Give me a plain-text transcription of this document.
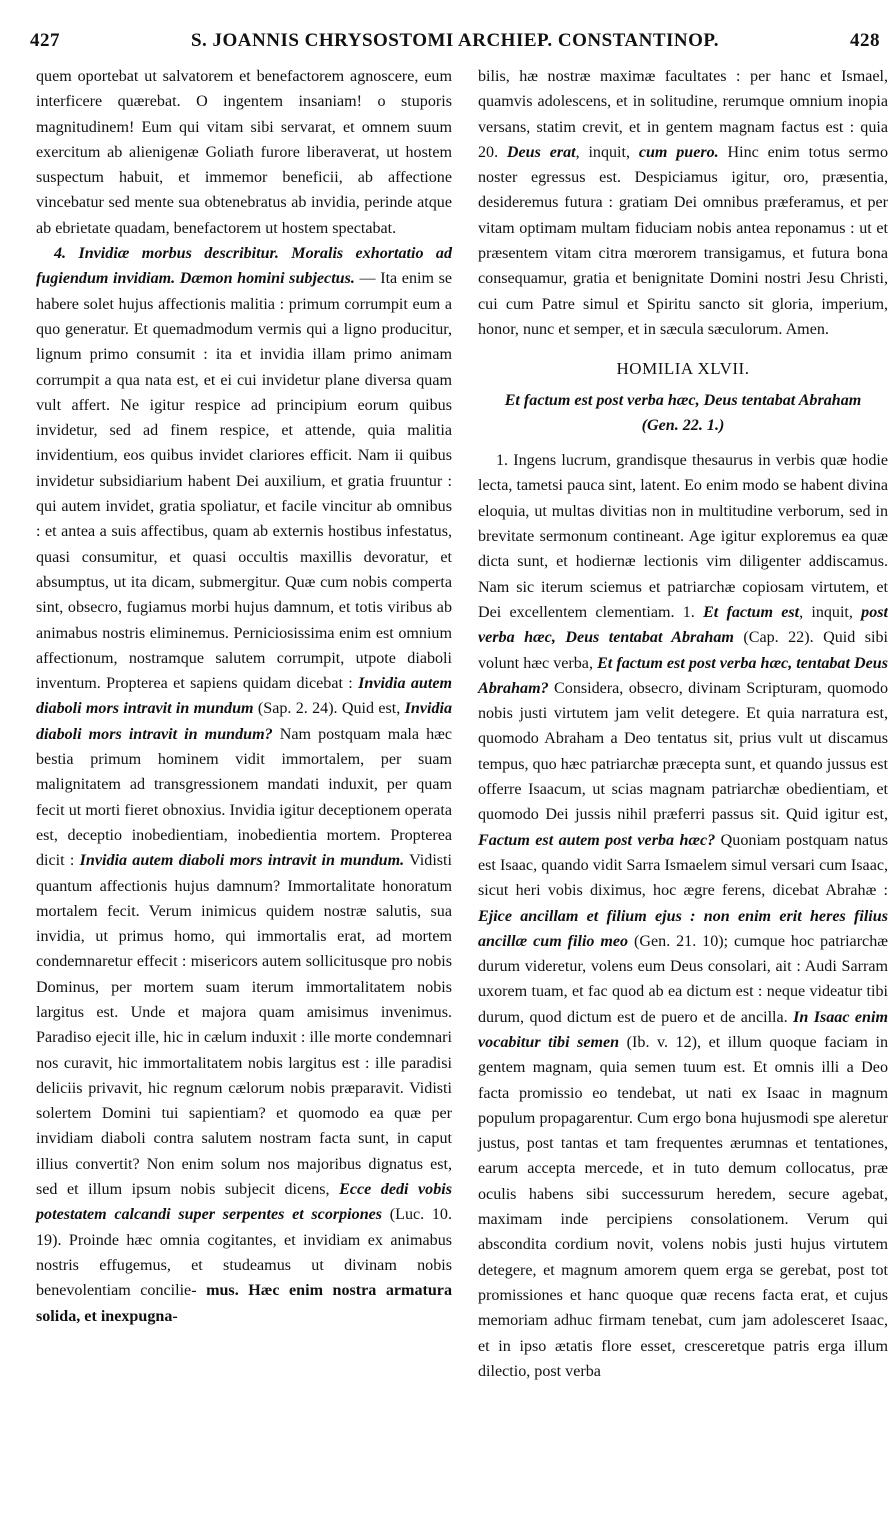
427	S. JOANNIS CHRYSOSTOMI ARCHIEP. CONSTANTINOP.	428

quem oportebat ut salvatorem et benefactorem agnoscere, eum interficere quærebat. O ingentem insaniam! o stuporis magnitudinem! Eum qui vitam sibi servarat, et omnem suum exercitum ab alienigenæ Goliath furore liberaverat, ut hostem suspectum habuit, et immemor beneficii, ab affectione vincebatur sed mente sua obtenebratus ab invidia, perinde atque ab ebrietate quadam, benefactorem ut hostem spectabat.

4. Invidiæ morbus describitur. Moralis exhortatio ad fugiendum invidiam. Dæmon homini subjectus. — Ita enim se habere solet hujus affectionis malitia : primum corrumpit eum a quo generatur. Et quemadmodum vermis qui a ligno producitur, lignum primo consumit : ita et invidia illam primo animam corrumpit a qua nata est, et ei cui invidetur plane diversa quam vult affert. Ne igitur respice ad principium eorum quibus invidetur, sed ad finem respice, et attende, quia malitia invidentium, eos quibus invidet clariores efficit. Nam ii quibus invidetur subsidiarium habent Dei auxilium, et gratia fruuntur : qui autem invidet, gratia spoliatur, et facile vincitur ab omnibus : et antea a suis affectibus, quam ab externis hostibus infestatus, quasi consumitur, et quasi occultis maxillis devoratur, et absumptus, ut ita dicam, submergitur. Quæ cum nobis comperta sint, obsecro, fugiamus morbi hujus damnum, et totis viribus ab animabus nostris eliminemus. Perniciosissima enim est omnium affectionum, nostramque salutem corrumpit, utpote diaboli inventum. Propterea et sapiens quidam dicebat : Invidia autem diaboli mors intravit in mundum (Sap. 2. 24). Quid est, Invidia diaboli mors intravit in mundum? Nam postquam mala hæc bestia primum hominem vidit immortalem, per suam malignitatem ad transgressionem mandati induxit, per quam fecit ut morti fieret obnoxius. Invidia igitur deceptionem operata est, deceptio inobedientiam, inobedientia mortem. Propterea dicit : Invidia autem diaboli mors intravit in mundum. Vidisti quantum affectionis hujus damnum? Immortalitate honoratum mortalem fecit. Verum inimicus quidem nostræ salutis, sua invidia, ut primus homo, qui immortalis erat, ad mortem condemnaretur effecit : misericors autem sollicitusque pro nobis Dominus, per mortem suam iterum immortalitatem nobis largitus est. Unde et majora quam amisimus invenimus. Paradiso ejecit ille, hic in cælum induxit : ille morte condemnari nos curavit, hic immortalitatem nobis largitus est : ille paradisi deliciis privavit, hic regnum cælorum nobis præparavit. Vidisti solertem Domini tui sapientiam? et quomodo ea quæ per invidiam diaboli contra salutem nostram facta sunt, in caput illius convertit? Non enim solum nos majoribus dignatus est, sed et illum ipsum nobis subjecit dicens, Ecce dedi vobis potestatem calcandi super serpentes et scorpiones (Luc. 10. 19). Proinde hæc omnia cogitantes, et invidiam ex animabus nostris effugemus, et studeamus ut divinam nobis benevolentiam concilie- mus. Hæc enim nostra armatura solida, et inexpugna-

bilis, hæ nostræ maximæ facultates : per hanc et Ismael, quamvis adolescens, et in solitudine, rerumque omnium inopia versans, statim crevit, et in gentem magnam factus est : quia 20. Deus erat, inquit, cum puero. Hinc enim totus sermo noster egressus est. Despiciamus igitur, oro, præsentia, desideremus futura : gratiam Dei omnibus præferamus, et per vitam optimam multam fiduciam nobis antea reponamus : ut et præsentem vitam citra mœrorem transigamus, et futura bona consequamur, gratia et benignitate Domini nostri Jesu Christi, cui cum Patre simul et Spiritu sancto sit gloria, imperium, honor, nunc et semper, et in sæcula sæculorum. Amen.

HOMILIA XLVII.
Et factum est post verba hæc, Deus tentabat Abraham
(Gen. 22. 1.)

1. Ingens lucrum, grandisque thesaurus in verbis quæ hodie lecta, tametsi pauca sint, latent. Eo enim modo se habent divina eloquia, ut multas divitias non in multitudine verborum, sed in brevitate sermonum contineant. Age igitur exploremus ea quæ dicta sunt, et hodiernæ lectionis vim diligenter addiscamus. Nam sic iterum sciemus et patriarchæ copiosam virtutem, et Dei excellentem clementiam. 1. Et factum est, inquit, post verba hæc, Deus tentabat Abraham (Cap. 22). Quid sibi volunt hæc verba, Et factum est post verba hæc, tentabat Deus Abraham? Considera, obsecro, divinam Scripturam, quomodo nobis justi virtutem jam velit detegere. Et quia narratura est, quomodo Abraham a Deo tentatus sit, prius vult ut discamus tempus, quo hæc patriarchæ præcepta sunt, et quando jussus est offerre Isaacum, ut scias magnam patriarchæ obedientiam, et quomodo Dei jussis nihil præferri passus sit. Quid igitur est, Factum est autem post verba hæc? Quoniam postquam natus est Isaac, quando vidit Sarra Ismaelem simul versari cum Isaac, sicut heri vobis diximus, hoc ægre ferens, dicebat Abrahæ : Ejice ancillam et filium ejus : non enim erit heres filius ancillæ cum filio meo (Gen. 21. 10); cumque hoc patriarchæ durum videretur, volens eum Deus consolari, ait : Audi Sarram uxorem tuam, et fac quod ab ea dictum est : neque videatur tibi durum, quod dictum est de puero et de ancilla. In Isaac enim vocabitur tibi semen (Ib. v. 12), et illum quoque faciam in gentem magnam, quia semen tuum est. Et omnis illi a Deo facta promissio eo tendebat, ut nati ex Isaac in magnum populum propagarentur. Cum ergo bona hujusmodi spe aleretur justus, post tantas et tam frequentes ærumnas et tentationes, earum accepta mercede, et in tuto demum collocatus, præ oculis habens sibi successurum heredem, secure agebat, maximam inde percipiens consolationem. Verum qui abscondita cordium novit, volens nobis justi hujus virtutem detegere, et magnum amorem quem erga se gerebat, post tot promissiones et hanc quoque quæ recens facta erat, et cujus memoriam adhuc firmam tenebat, cum jam adolesceret Isaac, et in ipso ætatis flore esset, cresceretque patris erga illum dilectio, post verba
